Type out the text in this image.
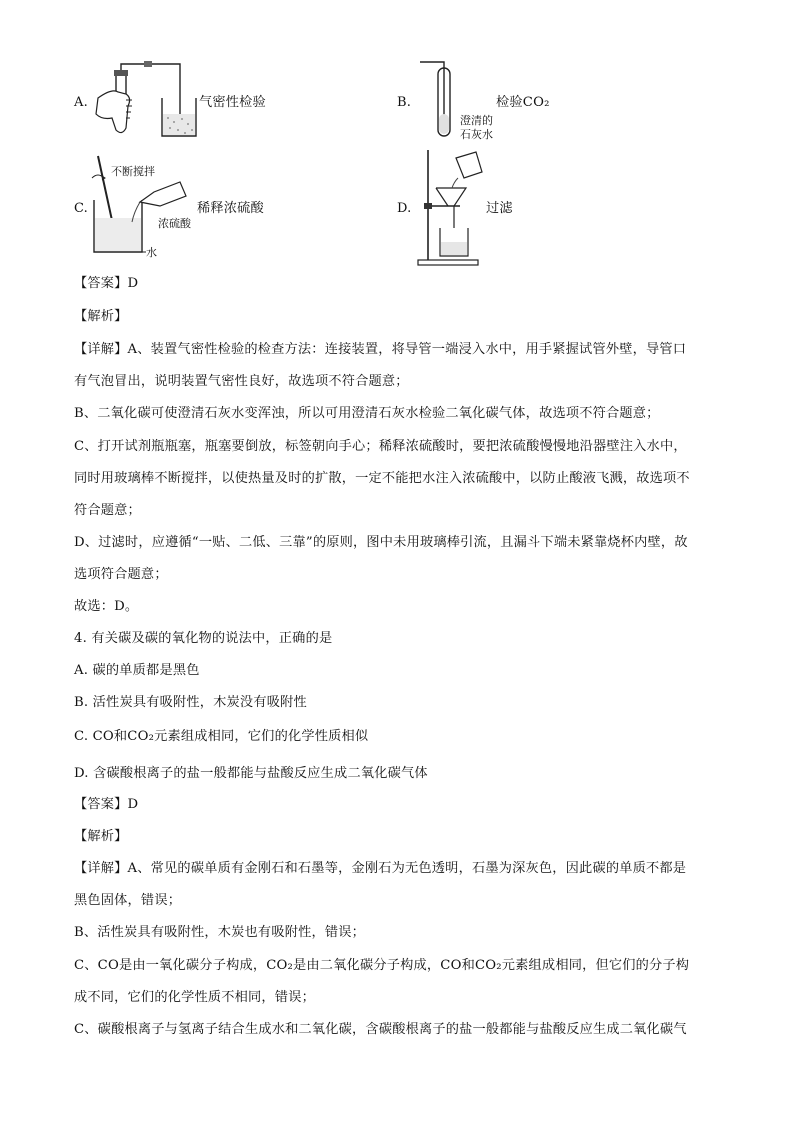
A.	气密性检验	B.	检验CO₂
澄清的
石灰水
C.
不断搅拌
浓硫酸
水
稀释浓硫酸	D.	过滤
【答案】D
【解析】
【详解】A、装置气密性检验的检查方法：连接装置，将导管一端浸入水中，用手紧握试管外壁，导管口
有气泡冒出，说明装置气密性良好，故选项不符合题意；
B、二氧化碳可使澄清石灰水变浑浊，所以可用澄清石灰水检验二氧化碳气体，故选项不符合题意；
C、打开试剂瓶瓶塞，瓶塞要倒放，标签朝向手心；稀释浓硫酸时，要把浓硫酸慢慢地沿器壁注入水中，
同时用玻璃棒不断搅拌，以使热量及时的扩散，一定不能把水注入浓硫酸中，以防止酸液飞溅，故选项不
符合题意；
D、过滤时，应遵循“一贴、二低、三靠”的原则，图中未用玻璃棒引流，且漏斗下端未紧靠烧杯内壁，故
选项符合题意；
故选：D。
4. 有关碳及碳的氧化物的说法中，正确的是
A. 碳的单质都是黑色
B. 活性炭具有吸附性，木炭没有吸附性
C. CO和CO₂元素组成相同，它们的化学性质相似
D. 含碳酸根离子的盐一般都能与盐酸反应生成二氧化碳气体
【答案】D
【解析】
【详解】A、常见的碳单质有金刚石和石墨等，金刚石为无色透明，石墨为深灰色，因此碳的单质不都是
黑色固体，错误；
B、活性炭具有吸附性，木炭也有吸附性，错误；
C、CO是由一氧化碳分子构成，CO₂是由二氧化碳分子构成，CO和CO₂元素组成相同，但它们的分子构
成不同，它们的化学性质不相同，错误；
C、碳酸根离子与氢离子结合生成水和二氧化碳，含碳酸根离子的盐一般都能与盐酸反应生成二氧化碳气
